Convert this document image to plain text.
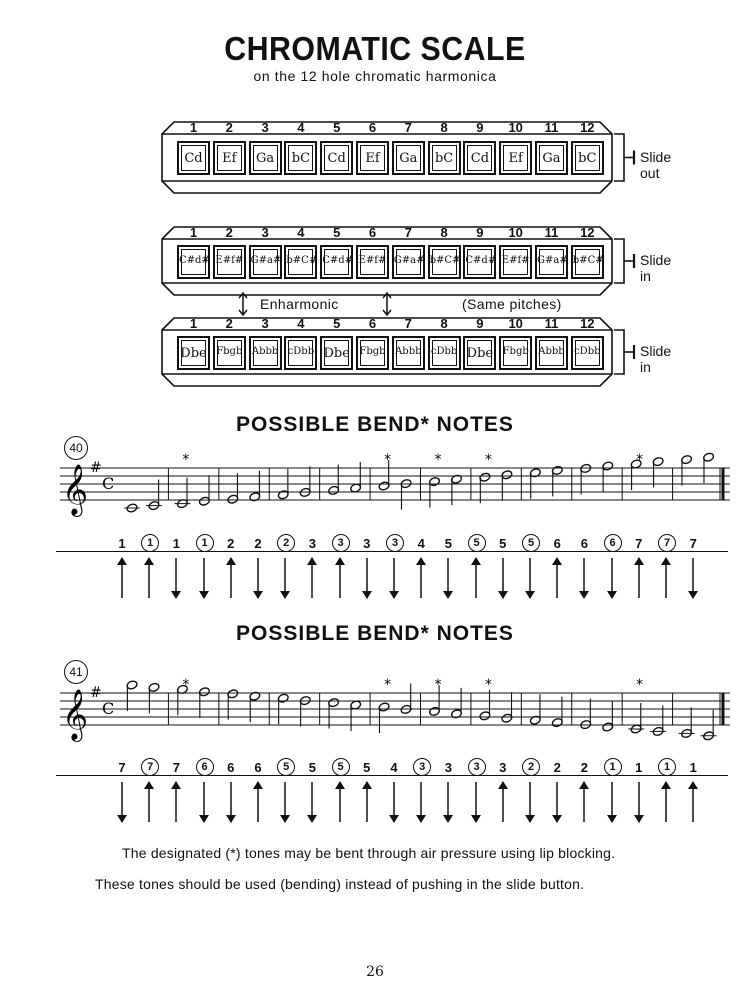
CHROMATIC SCALE
on the 12 hole chromatic harmonica
1	2	3	4	5	6	7	8	9	10	11	12
Cd	Ef	Ga	bC	Cd	Ef	Ga	bC	Cd	Ef	Ga	bC	Slide out
1	2	3	4	5	6	7	8	9	10	11	12
C#d# E#f# G#a# b#C# C#d# E#f# G#a# b#C# C#d# E#f# G#a# b#C#	Slide in
1	2	3	4	5	6	7	8	9	10	11	12
Dbe Fbgb Abbb cDbb Dbe Fbgb Abbb cDbb Dbe Fbgb Abbb cDbb	Slide in
Enharmonic	(Same pitches)
POSSIBLE BEND* NOTES
40
𝄞 #
C
*	*	*	*	*
1	1	1	1	2	2	2	3	3	3	3	4	5	5	5	5	6	6	6	7	7	7
POSSIBLE BEND* NOTES
41
𝄞 #
C
*	*	*	*	*
7	7	7	6	6	6	5	5	5	5	4	3	3	3	3	2	2	2	1	1	1	1
The designated (*) tones may be bent through air pressure using lip blocking.
These tones should be used (bending) instead of pushing in the slide button.
26
